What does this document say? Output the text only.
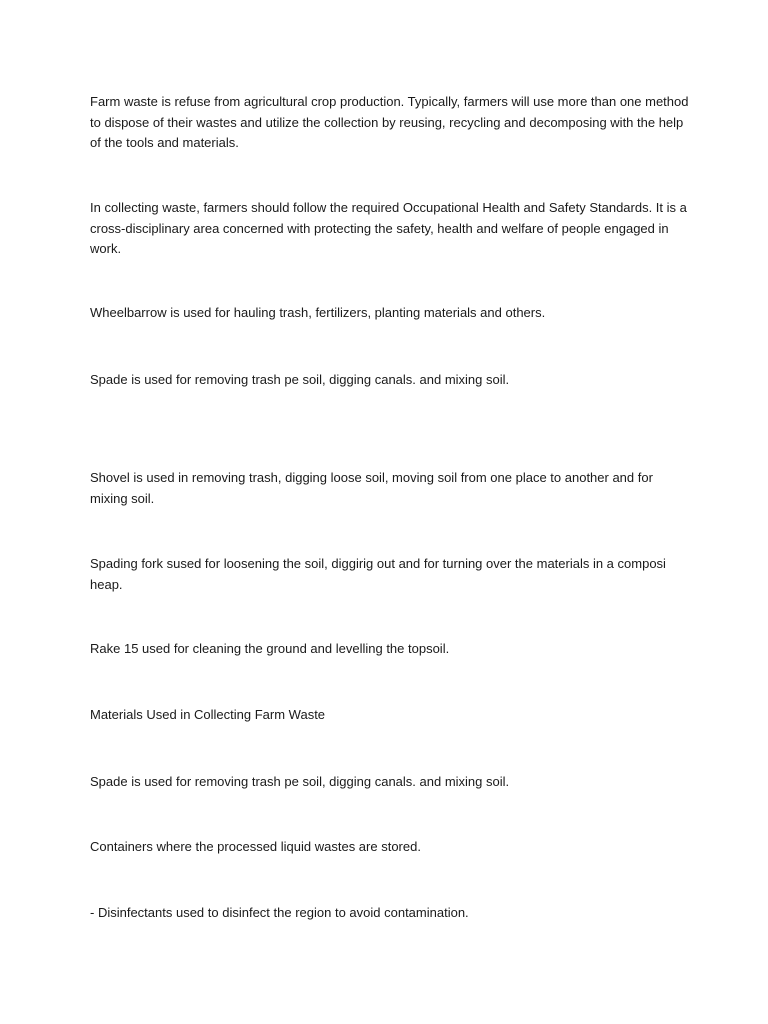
Farm waste is refuse from agricultural crop production. Typically, farmers will use more than one method to dispose of their wastes and utilize the collection by reusing, recycling and decomposing with the help of the tools and materials.

In collecting waste, farmers should follow the required Occupational Health and Safety Standards. It is a cross-disciplinary area concerned with protecting the safety, health and welfare of people engaged in work.

Wheelbarrow is used for hauling trash, fertilizers, planting materials and others.

Spade is used for removing trash pe soil, digging canals. and mixing soil.

Shovel is used in removing trash, digging loose soil, moving soil from one place to another and for mixing soil.

Spading fork sused for loosening the soil, diggirig out and for turning over the materials in a composi heap.

Rake 15 used for cleaning the ground and levelling the topsoil.

Materials Used in Collecting Farm Waste

Spade is used for removing trash pe soil, digging canals. and mixing soil.

Containers where the processed liquid wastes are stored.

- Disinfectants used to disinfect the region to avoid contamination.
